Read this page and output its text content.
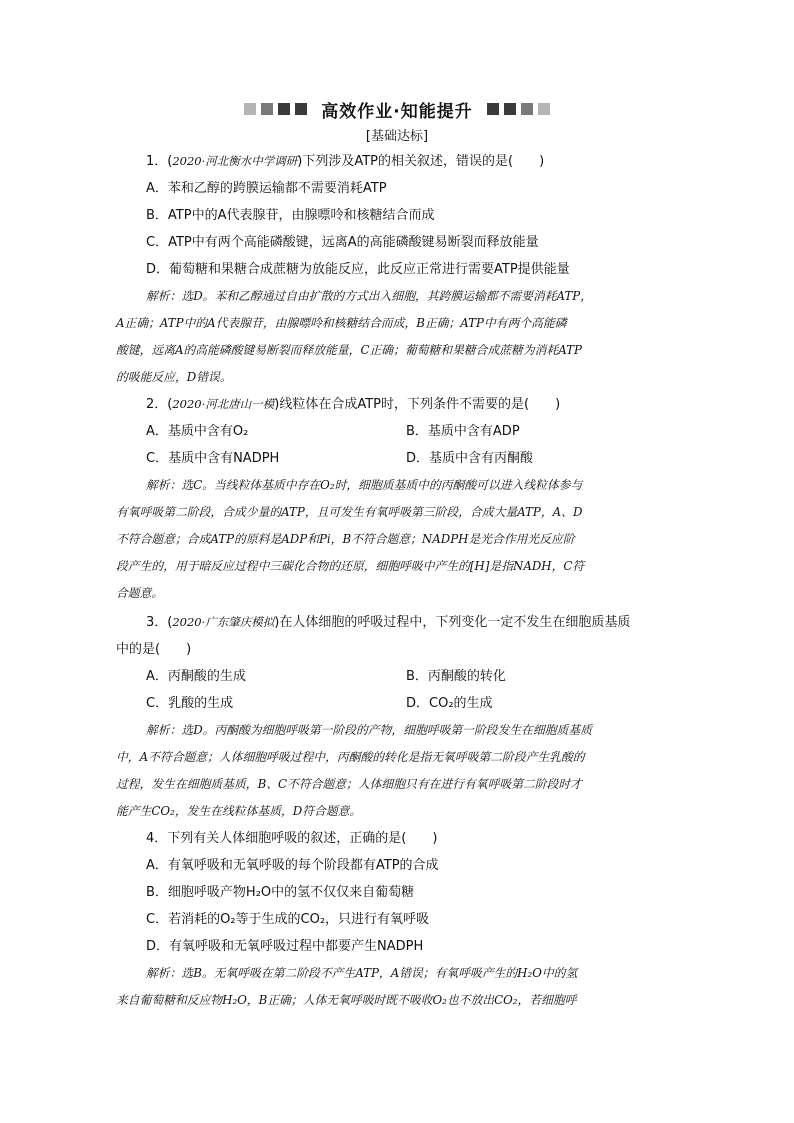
高效作业·知能提升
[基础达标]
1．(2020·河北衡水中学调研)下列涉及ATP的相关叙述，错误的是(　　)
A．苯和乙醇的跨膜运输都不需要消耗ATP
B．ATP中的A代表腺苷，由腺嘌呤和核糖结合而成
C．ATP中有两个高能磷酸键，远离A的高能磷酸键易断裂而释放能量
D．葡萄糖和果糖合成蔗糖为放能反应，此反应正常进行需要ATP提供能量
解析：选D。苯和乙醇通过自由扩散的方式出入细胞，其跨膜运输都不需要消耗ATP，
A正确；ATP中的A代表腺苷，由腺嘌呤和核糖结合而成，B正确；ATP中有两个高能磷
酸键，远离A的高能磷酸键易断裂而释放能量，C正确；葡萄糖和果糖合成蔗糖为消耗ATP
的吸能反应，D错误。
2．(2020·河北唐山一模)线粒体在合成ATP时，下列条件不需要的是(　　)
A．基质中含有O₂	B．基质中含有ADP
C．基质中含有NADPH	D．基质中含有丙酮酸
解析：选C。当线粒体基质中存在O₂时，细胞质基质中的丙酮酸可以进入线粒体参与
有氧呼吸第二阶段，合成少量的ATP，且可发生有氧呼吸第三阶段，合成大量ATP，A、D
不符合题意；合成ATP的原料是ADP和Pi，B不符合题意；NADPH是光合作用光反应阶
段产生的，用于暗反应过程中三碳化合物的还原，细胞呼吸中产生的[H]是指NADH，C符
合题意。
3．(2020·广东肇庆模拟)在人体细胞的呼吸过程中，下列变化一定不发生在细胞质基质
中的是(　　)
A．丙酮酸的生成	B．丙酮酸的转化
C．乳酸的生成	D．CO₂的生成
解析：选D。丙酮酸为细胞呼吸第一阶段的产物，细胞呼吸第一阶段发生在细胞质基质
中，A不符合题意；人体细胞呼吸过程中，丙酮酸的转化是指无氧呼吸第二阶段产生乳酸的
过程，发生在细胞质基质，B、C不符合题意；人体细胞只有在进行有氧呼吸第二阶段时才
能产生CO₂，发生在线粒体基质，D符合题意。
4．下列有关人体细胞呼吸的叙述，正确的是(　　)
A．有氧呼吸和无氧呼吸的每个阶段都有ATP的合成
B．细胞呼吸产物H₂O中的氢不仅仅来自葡萄糖
C．若消耗的O₂等于生成的CO₂，只进行有氧呼吸
D．有氧呼吸和无氧呼吸过程中都要产生NADPH
解析：选B。无氧呼吸在第二阶段不产生ATP，A错误；有氧呼吸产生的H₂O中的氢
来自葡萄糖和反应物H₂O，B正确；人体无氧呼吸时既不吸收O₂也不放出CO₂，若细胞呼
